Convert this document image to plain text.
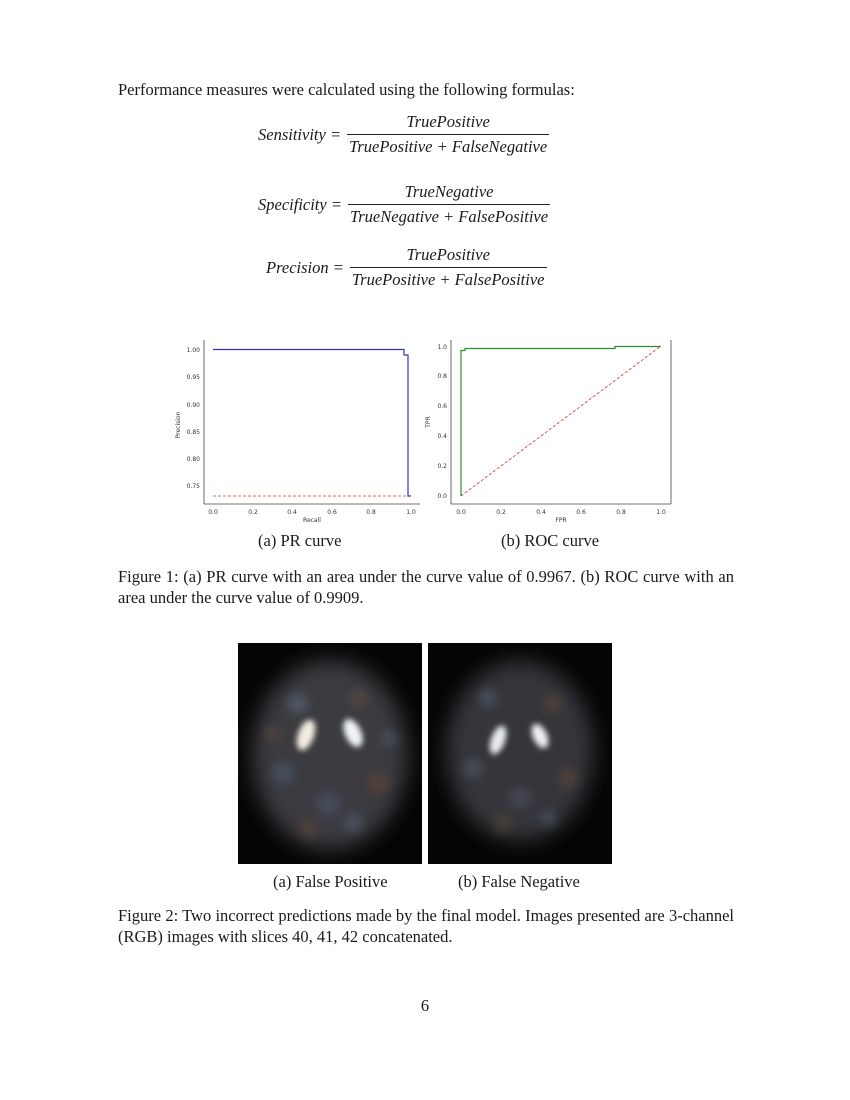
Performance measures were calculated using the following formulas:
Sensitivity = $\frac{\text{TruePositive}}{\text{TruePositive + FalseNegative}}$
Specificity = $\frac{\text{TrueNegative}}{\text{TrueNegative + FalsePositive}}$
Precision = $\frac{\text{TruePositive}}{\text{TruePositive + FalsePositive}}$
1.00
0.95
0.90
0.85
0.80
0.75
0.0	0.2	0.4	0.6	0.8	1.0
Recall
Precision
1.0
0.8
0.6
0.4
0.2
0.0
0.0	0.2	0.4	0.6	0.8	1.0
FPR
TPR
(a) PR curve	(b) ROC curve
Figure 1: (a) PR curve with an area under the curve value of 0.9967. (b) ROC curve with an area under the curve value of 0.9909.
(a) False Positive	(b) False Negative
Figure 2: Two incorrect predictions made by the final model. Images presented are 3-channel (RGB) images with slices 40, 41, 42 concatenated.
6
